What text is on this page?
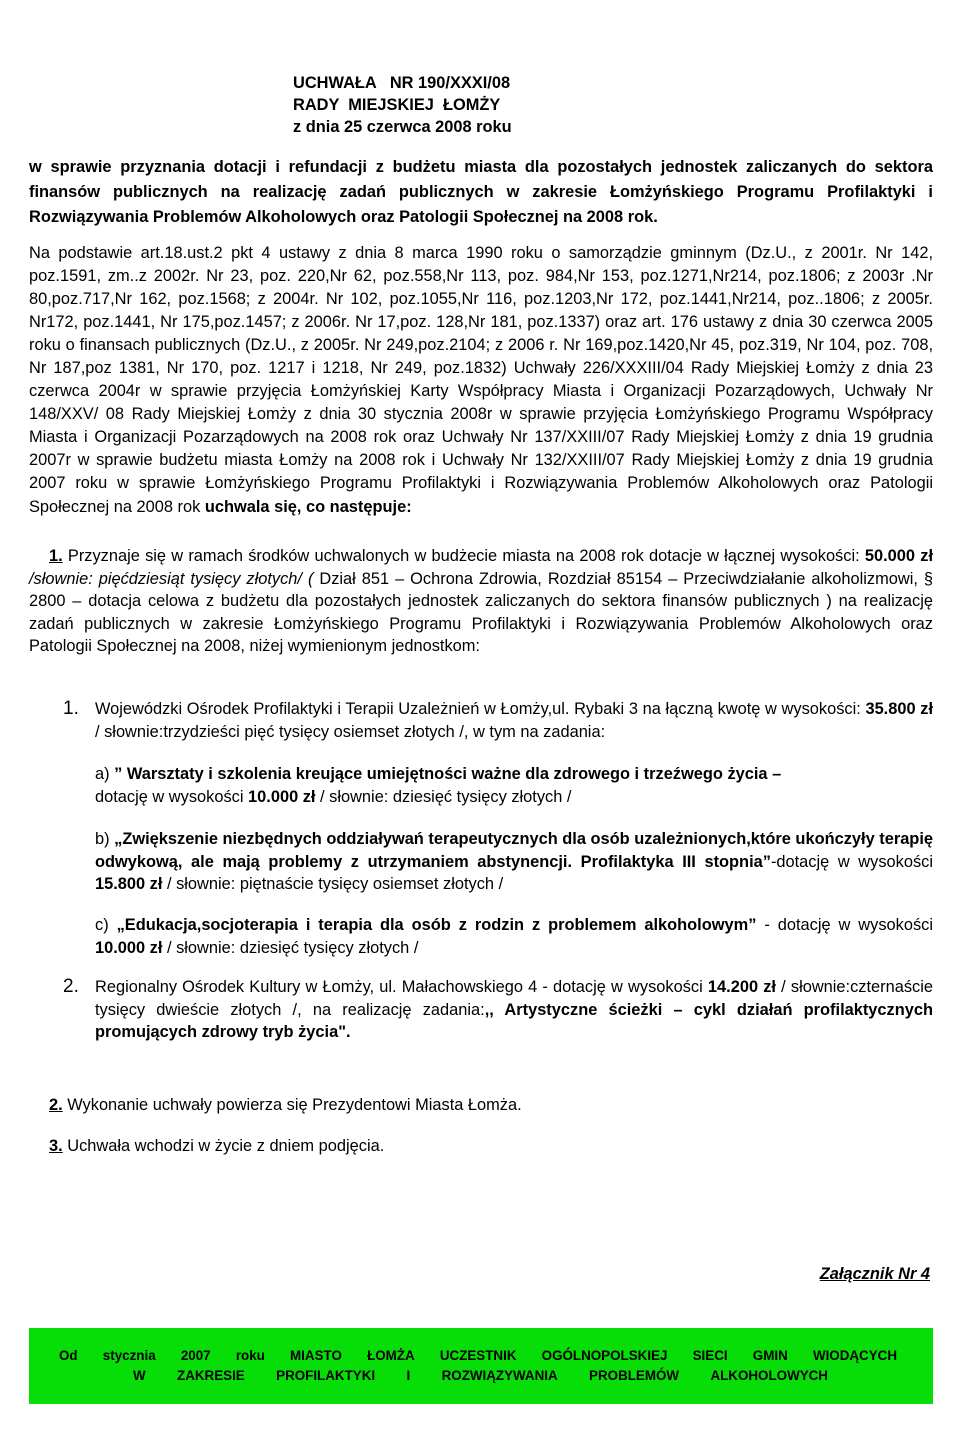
UCHWAŁA   NR 190/XXXI/08
RADY  MIEJSKIEJ  ŁOMŻY
z dnia 25 czerwca 2008 roku
w sprawie przyznania dotacji i refundacji z budżetu miasta dla pozostałych jednostek zaliczanych do sektora finansów publicznych na realizację zadań publicznych w zakresie Łomżyńskiego Programu Profilaktyki i Rozwiązywania Problemów Alkoholowych oraz Patologii Społecznej na 2008 rok.
Na podstawie art.18.ust.2 pkt 4 ustawy z dnia 8 marca 1990 roku o samorządzie gminnym (Dz.U., z 2001r. Nr 142, poz.1591, zm..z 2002r. Nr 23, poz. 220,Nr 62, poz.558,Nr 113, poz. 984,Nr 153, poz.1271,Nr214, poz.1806; z 2003r .Nr 80,poz.717,Nr 162, poz.1568; z 2004r. Nr 102, poz.1055,Nr 116, poz.1203,Nr 172, poz.1441,Nr214, poz..1806; z 2005r. Nr172, poz.1441, Nr 175,poz.1457; z 2006r. Nr 17,poz. 128,Nr 181, poz.1337) oraz art. 176 ustawy z dnia 30 czerwca 2005 roku o finansach publicznych (Dz.U., z 2005r. Nr 249,poz.2104; z 2006 r. Nr 169,poz.1420,Nr 45, poz.319, Nr 104, poz. 708, Nr 187,poz 1381, Nr 170, poz. 1217 i 1218, Nr 249, poz.1832) Uchwały 226/XXXIII/04 Rady Miejskiej Łomży z dnia 23 czerwca 2004r w sprawie przyjęcia Łomżyńskiej Karty Współpracy Miasta i Organizacji Pozarządowych, Uchwały Nr 148/XXV/ 08 Rady Miejskiej Łomży z dnia 30 stycznia 2008r w sprawie przyjęcia Łomżyńskiego Programu Współpracy Miasta i Organizacji Pozarządowych na 2008 rok oraz Uchwały Nr 137/XXIII/07 Rady Miejskiej Łomży z dnia 19 grudnia 2007r w sprawie budżetu miasta Łomży na 2008 rok i Uchwały Nr 132/XXIII/07 Rady Miejskiej Łomży z dnia 19 grudnia 2007 roku w sprawie Łomżyńskiego Programu Profilaktyki i Rozwiązywania Problemów Alkoholowych oraz Patologii Społecznej na 2008 rok uchwala się, co następuje:
1. Przyznaje się w ramach środków uchwalonych w budżecie miasta na 2008 rok dotacje w łącznej wysokości: 50.000 zł /słownie: pięćdziesiąt tysięcy złotych/ ( Dział 851 – Ochrona Zdrowia, Rozdział 85154 – Przeciwdziałanie alkoholizmowi, § 2800 – dotacja celowa z budżetu dla pozostałych jednostek zaliczanych do sektora finansów publicznych ) na realizację zadań publicznych w zakresie Łomżyńskiego Programu Profilaktyki i Rozwiązywania Problemów Alkoholowych oraz Patologii Społecznej na 2008, niżej wymienionym jednostkom:
1. Wojewódzki Ośrodek Profilaktyki i Terapii Uzależnień w Łomży,ul. Rybaki 3 na łączną kwotę w wysokości: 35.800 zł / słownie:trzydzieści pięć tysięcy osiemset złotych /, w tym na zadania:
a) ” Warsztaty i szkolenia kreujące umiejętności ważne dla zdrowego i trzeźwego życia –
dotację w wysokości 10.000 zł / słownie: dziesięć tysięcy złotych /
b) „Zwiększenie niezbędnych oddziaływań terapeutycznych dla osób uzależnionych,które ukończyły terapię odwykową, ale mają problemy z utrzymaniem abstynencji. Profilaktyka III stopnia”-dotację w wysokości 15.800 zł / słownie: piętnaście tysięcy osiemset złotych /
c) „Edukacja,socjoterapia i terapia dla osób z rodzin z problemem alkoholowym” - dotację w wysokości 10.000 zł / słownie: dziesięć tysięcy złotych /
2. Regionalny Ośrodek Kultury w Łomży, ul. Małachowskiego 4 - dotację w wysokości 14.200 zł / słownie:czternaście tysięcy dwieście złotych /, na realizację zadania:,, Artystyczne ścieżki – cykl działań profilaktycznych promujących zdrowy tryb życia".
2. Wykonanie uchwały powierza się Prezydentowi Miasta Łomża.
3. Uchwała wchodzi w życie z dniem podjęcia.
Załącznik Nr 4
Od stycznia 2007 roku MIASTO ŁOMŻA UCZESTNIK OGÓLNOPOLSKIEJ SIECI GMIN WIODĄCYCH
W ZAKRESIE PROFILAKTYKI I ROZWIĄZYWANIA PROBLEMÓW ALKOHOLOWYCH
